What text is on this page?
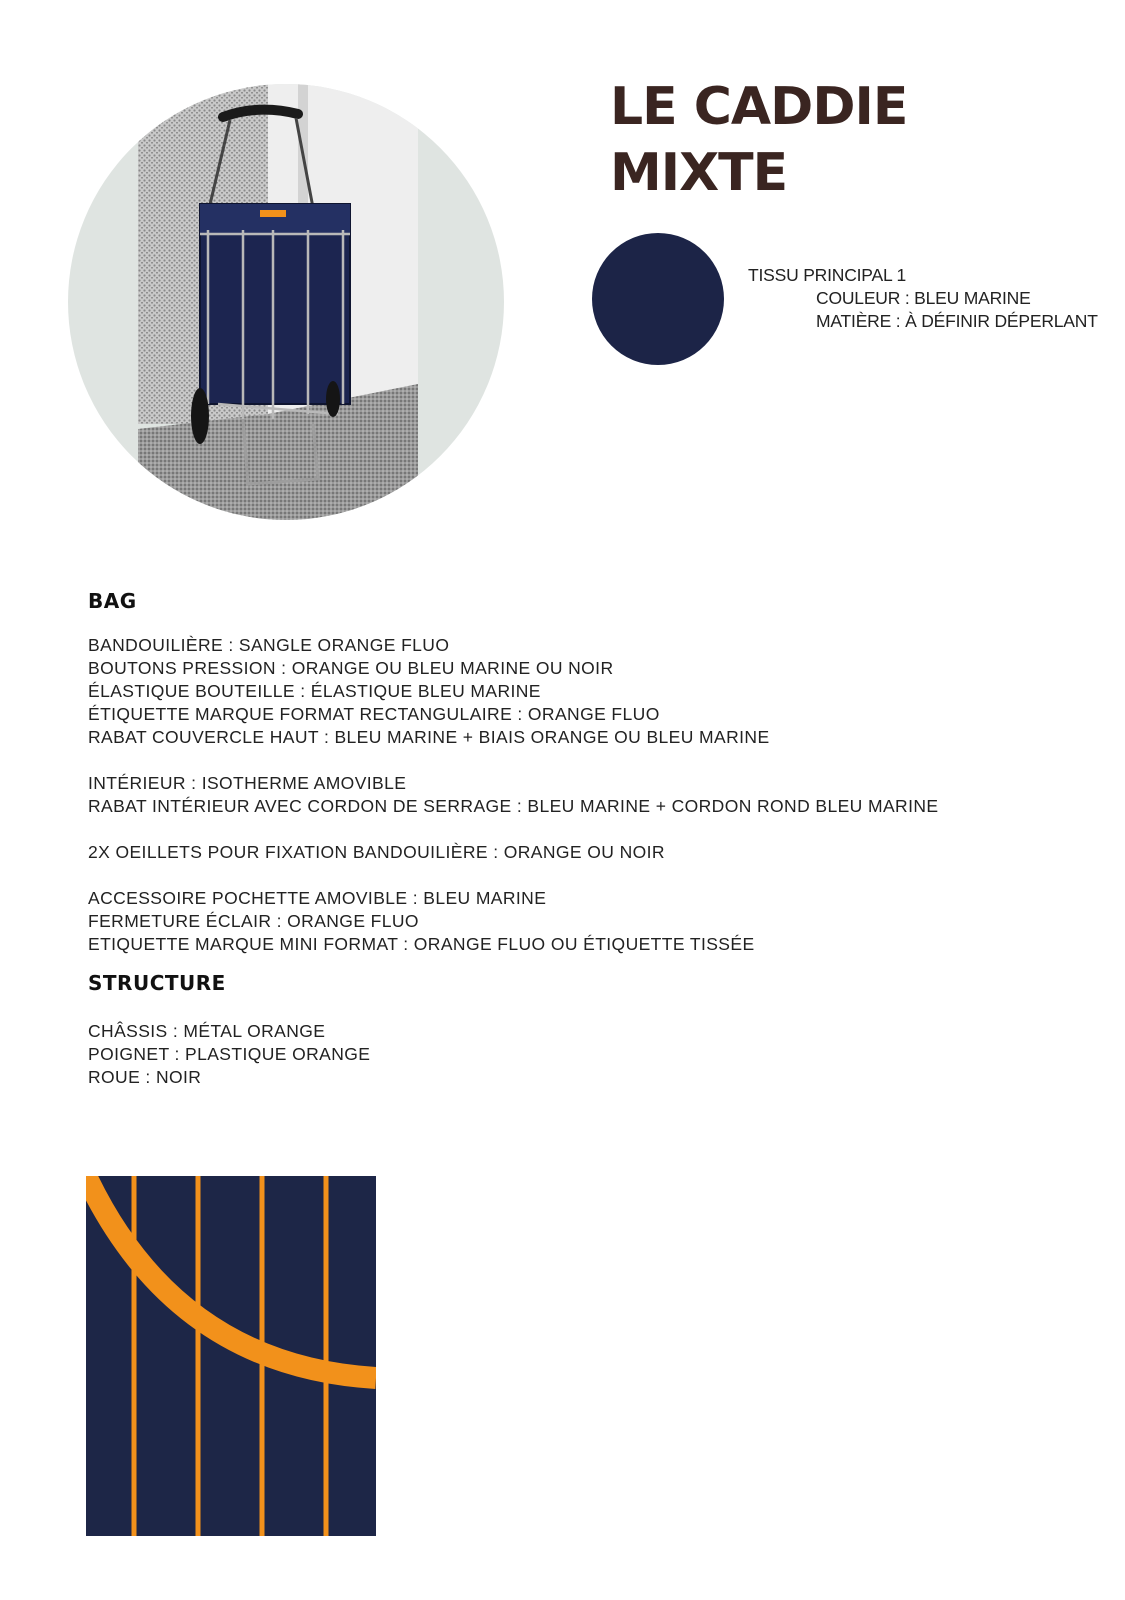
LE CADDIE
MIXTE
TISSU PRINCIPAL 1
COULEUR : BLEU MARINE
MATIÈRE : À DÉFINIR DÉPERLANT
BAG
BANDOUILIÈRE : SANGLE ORANGE FLUO
BOUTONS PRESSION : ORANGE OU BLEU MARINE OU NOIR
ÉLASTIQUE BOUTEILLE : ÉLASTIQUE BLEU MARINE
ÉTIQUETTE MARQUE FORMAT RECTANGULAIRE : ORANGE FLUO
RABAT COUVERCLE HAUT : BLEU MARINE + BIAIS ORANGE OU BLEU MARINE
INTÉRIEUR : ISOTHERME AMOVIBLE
RABAT INTÉRIEUR AVEC CORDON DE SERRAGE : BLEU MARINE + CORDON ROND BLEU MARINE
2X OEILLETS POUR FIXATION BANDOUILIÈRE : ORANGE OU NOIR
ACCESSOIRE POCHETTE AMOVIBLE : BLEU MARINE
FERMETURE ÉCLAIR : ORANGE FLUO
ETIQUETTE MARQUE MINI FORMAT : ORANGE FLUO OU ÉTIQUETTE TISSÉE
STRUCTURE
CHÂSSIS : MÉTAL ORANGE
POIGNET : PLASTIQUE ORANGE
ROUE : NOIR
